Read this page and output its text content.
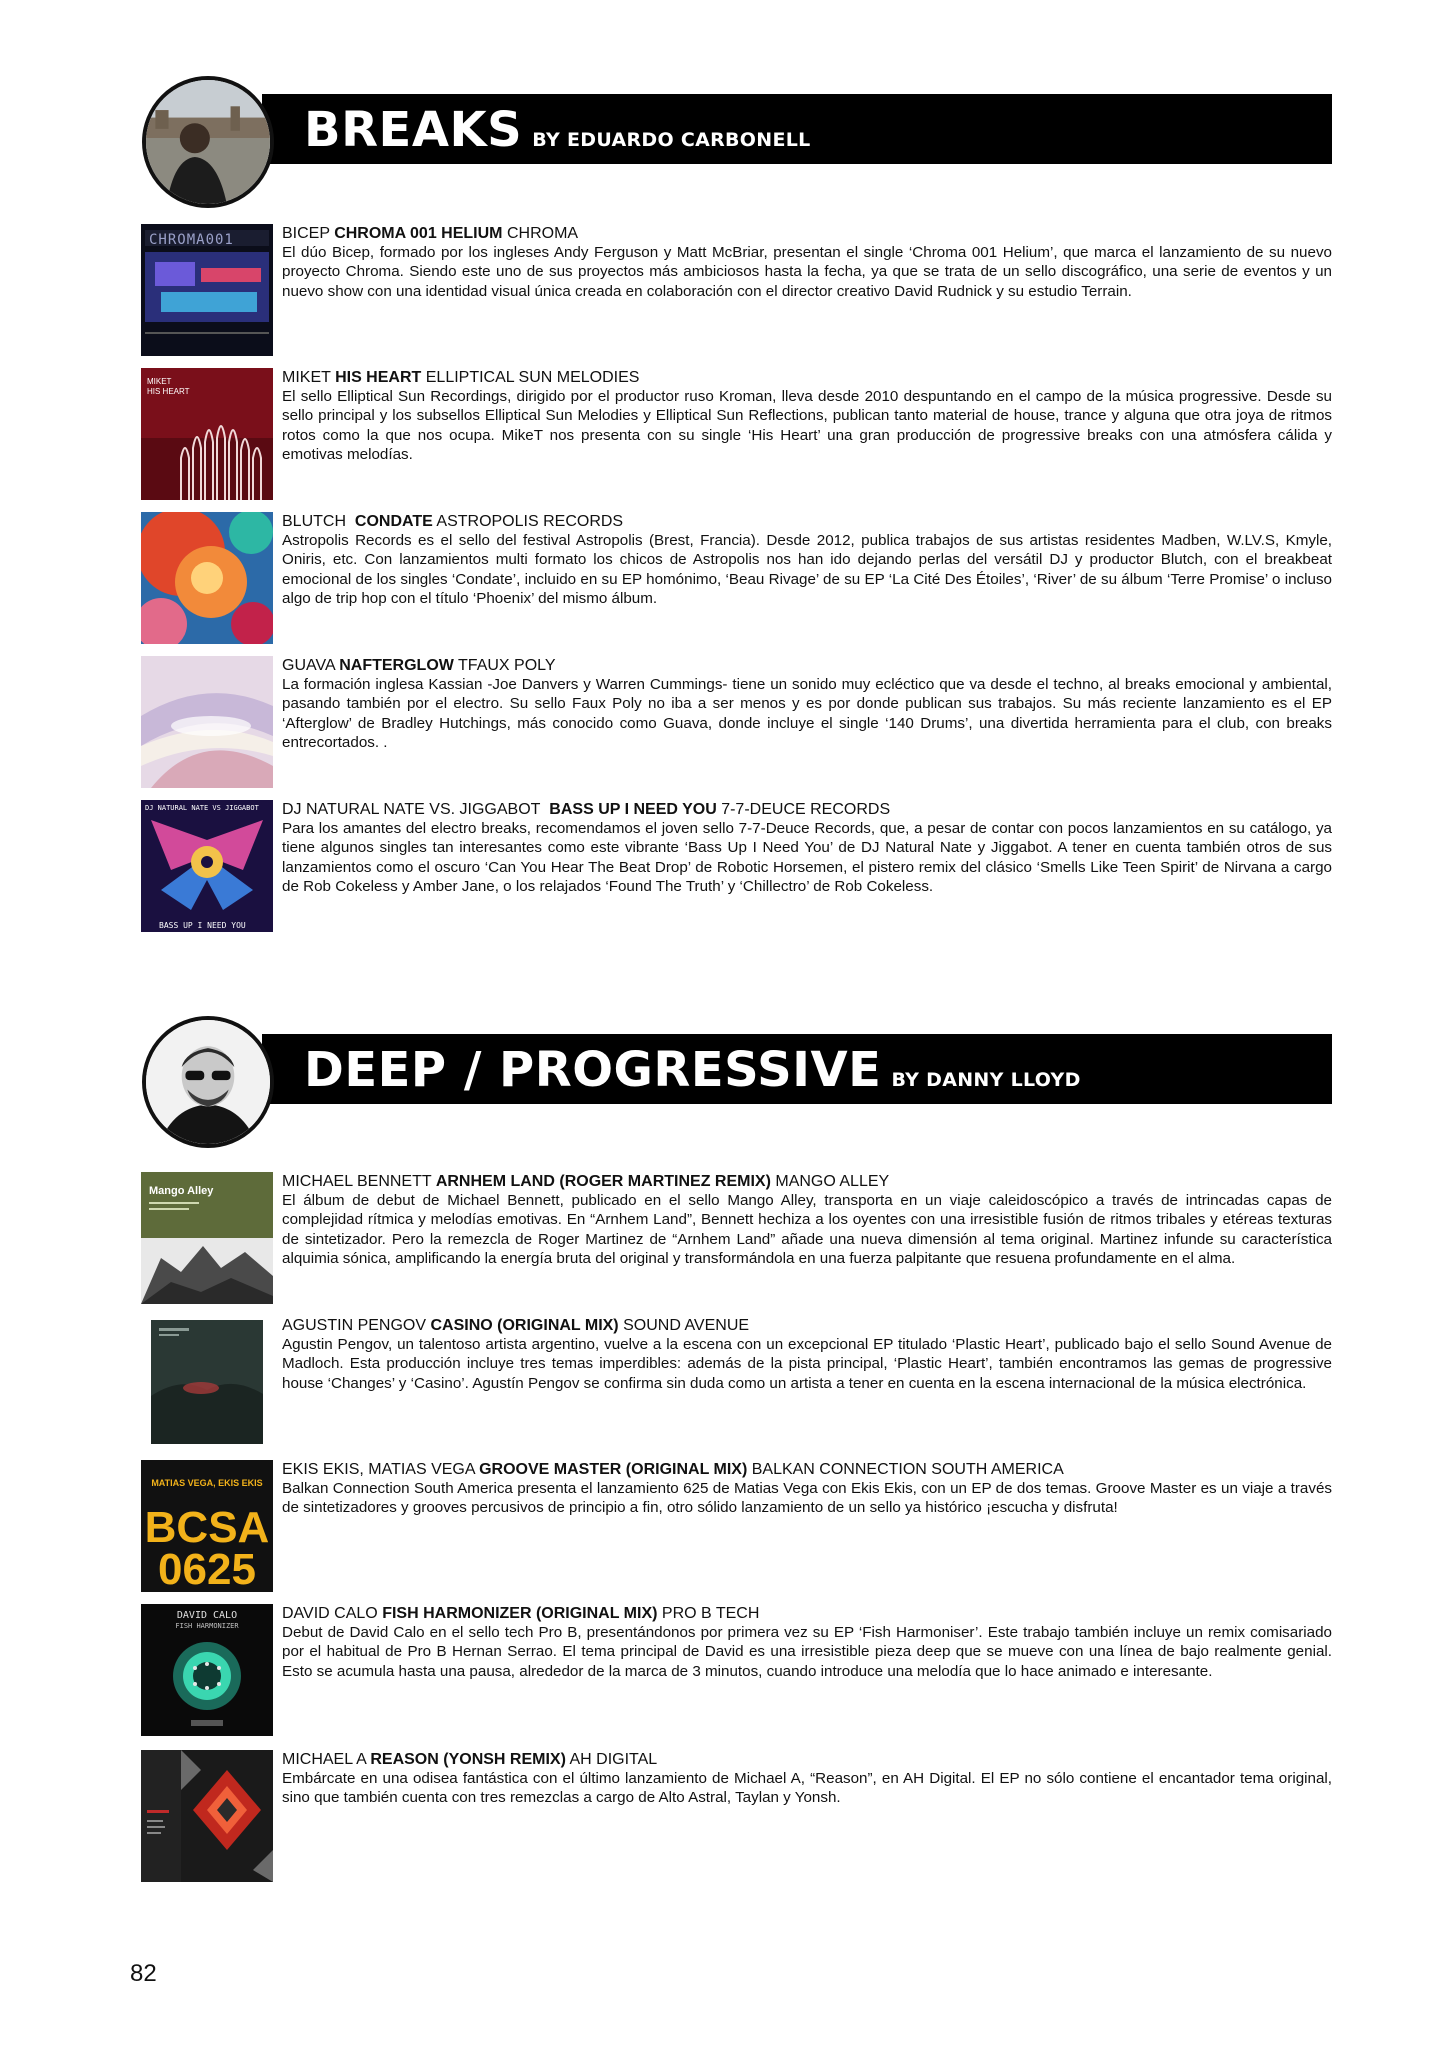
BREAKS BY EDUARDO CARBONELL
CHROMA001	BICEP CHROMA 001 HELIUM CHROMA
El dúo Bicep, formado por los ingleses Andy Ferguson y Matt McBriar, presentan el single ‘Chroma 001 Helium’, que marca el lanzamiento de su nuevo proyecto Chroma. Siendo este uno de sus proyectos más ambiciosos hasta la fecha, ya que se trata de un sello discográfico, una serie de eventos y un nuevo show con una identidad visual única creada en colaboración con el director creativo David Rudnick y su estudio Terrain.
MIKET
HIS HEART
MIKET HIS HEART ELLIPTICAL SUN MELODIES
El sello Elliptical Sun Recordings, dirigido por el productor ruso Kroman, lleva desde 2010 despuntando en el campo de la música progressive. Desde su sello principal y los subsellos Elliptical Sun Melodies y Elliptical Sun Reflections, publican tanto material de house, trance y alguna que otra joya de ritmos rotos como la que nos ocupa. MikeT nos presenta con su single ‘His Heart’ una gran producción de progressive breaks con una atmósfera cálida y emotivas melodías.
BLUTCH CONDATE ASTROPOLIS RECORDS
Astropolis Records es el sello del festival Astropolis (Brest, Francia). Desde 2012, publica trabajos de sus artistas residentes Madben, W.LV.S, Kmyle, Oniris, etc. Con lanzamientos multi formato los chicos de Astropolis nos han ido dejando perlas del versátil DJ y productor Blutch, con el breakbeat emocional de los singles ‘Condate’, incluido en su EP homónimo, ‘Beau Rivage’ de su EP ‘La Cité Des Étoiles’, ‘River’ de su álbum ‘Terre Promise’ o incluso algo de trip hop con el título ‘Phoenix’ del mismo álbum.
GUAVA NAFTERGLOW TFAUX POLY
La formación inglesa Kassian -Joe Danvers y Warren Cummings- tiene un sonido muy ecléctico que va desde el techno, al breaks emocional y ambiental, pasando también por el electro. Su sello Faux Poly no iba a ser menos y es por donde publican sus trabajos. Su más reciente lanzamiento es el EP ‘Afterglow’ de Bradley Hutchings, más conocido como Guava, donde incluye el single ‘140 Drums’, una divertida herramienta para el club, con breaks entrecortados. .
DJ NATURAL NATE VS JIGGABOT
BASS UP I NEED YOU
DJ NATURAL NATE VS. JIGGABOT BASS UP I NEED YOU 7-7-DEUCE RECORDS
Para los amantes del electro breaks, recomendamos el joven sello 7-7-Deuce Records, que, a pesar de contar con pocos lanzamientos en su catálogo, ya tiene algunos singles tan interesantes como este vibrante ‘Bass Up I Need You’ de DJ Natural Nate y Jiggabot. A tener en cuenta también otros de sus lanzamientos como el oscuro ‘Can You Hear The Beat Drop’ de Robotic Horsemen, el pistero remix del clásico ‘Smells Like Teen Spirit’ de Nirvana a cargo de Rob Cokeless y Amber Jane, o los relajados ‘Found The Truth’ y ‘Chillectro’ de Rob Cokeless.
DEEP / PROGRESSIVE BY DANNY LLOYD
Mango Alley
MICHAEL BENNETT ARNHEM LAND (ROGER MARTINEZ REMIX) MANGO ALLEY
El álbum de debut de Michael Bennett, publicado en el sello Mango Alley, transporta en un viaje caleidoscópico a través de intrincadas capas de complejidad rítmica y melodías emotivas. En “Arnhem Land”, Bennett hechiza a los oyentes con una irresistible fusión de ritmos tribales y etéreas texturas de sintetizador. Pero la remezcla de Roger Martinez de “Arnhem Land” añade una nueva dimensión al tema original. Martinez infunde su característica alquimia sónica, amplificando la energía bruta del original y transformándola en una fuerza palpitante que resuena profundamente en el alma.
AGUSTIN PENGOV CASINO (ORIGINAL MIX) SOUND AVENUE
Agustin Pengov, un talentoso artista argentino, vuelve a la escena con un excepcional EP titulado ‘Plastic Heart’, publicado bajo el sello Sound Avenue de Madloch. Esta producción incluye tres temas imperdibles: además de la pista principal, ‘Plastic Heart’, también encontramos las gemas de progressive house ‘Changes’ y ‘Casino’. Agustín Pengov se confirma sin duda como un artista a tener en cuenta en la escena internacional de la música electrónica.
MATIAS VEGA, EKIS EKIS
BCSA
0625
EKIS EKIS, MATIAS VEGA GROOVE MASTER (ORIGINAL MIX) BALKAN CONNECTION SOUTH AMERICA
Balkan Connection South America presenta el lanzamiento 625 de Matias Vega con Ekis Ekis, con un EP de dos temas. Groove Master es un viaje a través de sintetizadores y grooves percusivos de principio a fin, otro sólido lanzamiento de un sello ya histórico ¡escucha y disfruta!
DAVID CALO
FISH HARMONIZER
DAVID CALO FISH HARMONIZER (ORIGINAL MIX) PRO B TECH
Debut de David Calo en el sello tech Pro B, presentándonos por primera vez su EP ‘Fish Harmoniser’. Este trabajo también incluye un remix comisariado por el habitual de Pro B Hernan Serrao. El tema principal de David es una irresistible pieza deep que se mueve con una línea de bajo realmente genial. Esto se acumula hasta una pausa, alrededor de la marca de 3 minutos, cuando introduce una melodía que lo hace animado e interesante.
MICHAEL A REASON (YONSH REMIX) AH DIGITAL
Embárcate en una odisea fantástica con el último lanzamiento de Michael A, “Reason”, en AH Digital. El EP no sólo contiene el encantador tema original, sino que también cuenta con tres remezclas a cargo de Alto Astral, Taylan y Yonsh.
82
